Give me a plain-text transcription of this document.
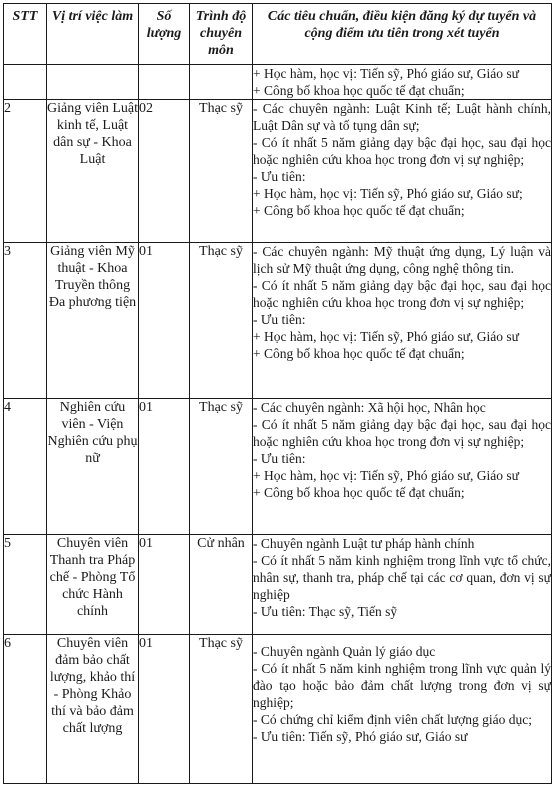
STT	Vị trí việc làm	Số lượng	Trình độ chuyên môn	Các tiêu chuẩn, điều kiện đăng ký dự tuyển và cộng điểm ưu tiên trong xét tuyển

				+ Học hàm, học vị: Tiến sỹ, Phó giáo sư, Giáo sư
+ Công bố khoa học quốc tế đạt chuẩn;

2	Giảng viên Luật kinh tế, Luật dân sự - Khoa Luật	02	Thạc sỹ	- Các chuyên ngành: Luật Kinh tế; Luật hành chính, Luật Dân sự và tố tụng dân sự;
- Có ít nhất 5 năm giảng dạy bậc đại học, sau đại học hoặc nghiên cứu khoa học trong đơn vị sự nghiệp;
- Ưu tiên:
+ Học hàm, học vị: Tiến sỹ, Phó giáo sư, Giáo sư;
+ Công bố khoa học quốc tế đạt chuẩn;

3	Giảng viên Mỹ thuật - Khoa Truyền thông Đa phương tiện	01	Thạc sỹ	- Các chuyên ngành: Mỹ thuật ứng dụng, Lý luận và lịch sử Mỹ thuật ứng dụng, công nghệ thông tin.
- Có ít nhất 5 năm giảng dạy bậc đại học, sau đại học hoặc nghiên cứu khoa học trong đơn vị sự nghiệp;
- Ưu tiên:
+ Học hàm, học vị: Tiến sỹ, Phó giáo sư, Giáo sư
+ Công bố khoa học quốc tế đạt chuẩn;

4	Nghiên cứu viên - Viện Nghiên cứu phụ nữ	01	Thạc sỹ	- Các chuyên ngành: Xã hội học, Nhân học
- Có ít nhất 5 năm giảng dạy bậc đại học, sau đại học hoặc nghiên cứu khoa học trong đơn vị sự nghiệp;
- Ưu tiên:
+ Học hàm, học vị: Tiến sỹ, Phó giáo sư, Giáo sư
+ Công bố khoa học quốc tế đạt chuẩn;

5	Chuyên viên Thanh tra Pháp chế - Phòng Tổ chức Hành chính	01	Cử nhân	- Chuyên ngành Luật tư pháp hành chính
- Có ít nhất 5 năm kinh nghiệm trong lĩnh vực tổ chức, nhân sự, thanh tra, pháp chế tại các cơ quan, đơn vị sự nghiệp
- Ưu tiên: Thạc sỹ, Tiến sỹ

6	Chuyên viên đảm bảo chất lượng, khảo thí - Phòng Khảo thí và bảo đảm chất lượng	01	Thạc sỹ	- Chuyên ngành Quản lý giáo dục
- Có ít nhất 5 năm kinh nghiệm trong lĩnh vực quản lý đào tạo hoặc bảo đảm chất lượng trong đơn vị sự nghiệp;
- Có chứng chỉ kiểm định viên chất lượng giáo dục;
- Ưu tiên: Tiến sỹ, Phó giáo sư, Giáo sư
